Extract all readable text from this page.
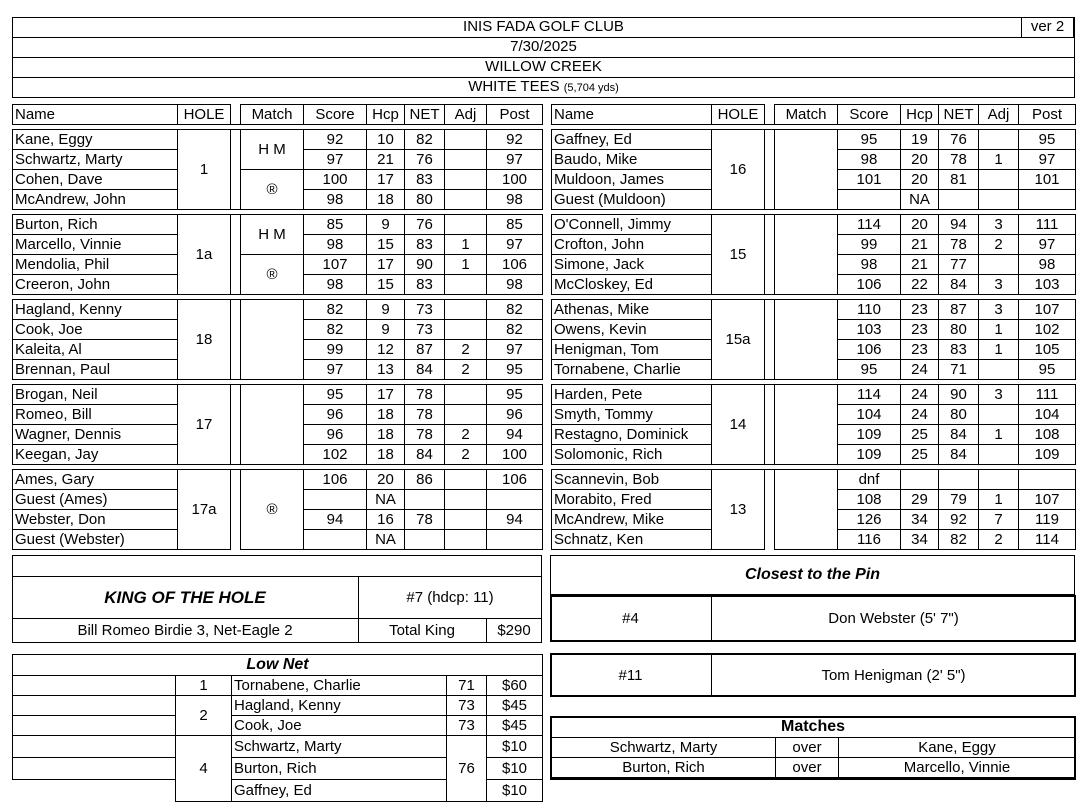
INIS FADA GOLF CLUB	ver 2
7/30/2025
WILLOW CREEK
WHITE TEES (5,704 yds)
Name	HOLE		Match	Score	Hcp	NET	Adj	Post

Kane, Eggy	1		H M	92	10	82		92
Schwartz, Marty				97	21	76		97
Cohen, Dave			®	100	17	83		100
McAndrew, John				98	18	80		98

Burton, Rich	1a		H M	85	9	76		85
Marcello, Vinnie				98	15	83	1	97
Mendolia, Phil			®	107	17	90	1	106
Creeron, John				98	15	83		98

Hagland, Kenny	18			82	9	73		82
Cook, Joe				82	9	73		82
Kaleita, Al				99	12	87	2	97
Brennan, Paul				97	13	84	2	95

Brogan, Neil	17			95	17	78		95
Romeo, Bill				96	18	78		96
Wagner, Dennis				96	18	78	2	94
Keegan, Jay				102	18	84	2	100

Ames, Gary	17a		®	106	20	86		106
Guest (Ames)					NA			
Webster, Don				94	16	78		94
Guest (Webster)					NA			
Name	HOLE		Match	Score	Hcp	NET	Adj	Post

Gaffney, Ed	16			95	19	76		95
Baudo, Mike				98	20	78	1	97
Muldoon, James				101	20	81		101
Guest (Muldoon)					NA			

O'Connell, Jimmy	15			114	20	94	3	111
Crofton, John				99	21	78	2	97
Simone, Jack				98	21	77		98
McCloskey, Ed				106	22	84	3	103

Athenas, Mike	15a			110	23	87	3	107
Owens, Kevin				103	23	80	1	102
Henigman, Tom				106	23	83	1	105
Tornabene, Charlie				95	24	71		95

Harden, Pete	14			114	24	90	3	111
Smyth, Tommy				104	24	80		104
Restagno, Dominick				109	25	84	1	108
Solomonic, Rich				109	25	84		109

Scannevin, Bob	13			dnf				
Morabito, Fred				108	29	79	1	107
McAndrew, Mike				126	34	92	7	119
Schnatz, Ken				116	34	82	2	114
KING OF THE HOLE	#7 (hdcp: 11)
Bill Romeo Birdie 3, Net-Eagle 2	Total King	$290
Closest to the Pin
#4	Don Webster (5' 7")
#11	Tom Henigman (2' 5")
Low Net				
	1	Tornabene, Charlie	71	$60
	2	Hagland, Kenny	73	$45
		Cook, Joe	73	$45
	4	Schwartz, Marty	76	$10
		Burton, Rich		$10
		Gaffney, Ed		$10
Matches
Schwartz, Marty	over	Kane, Eggy
Burton, Rich	over	Marcello, Vinnie
